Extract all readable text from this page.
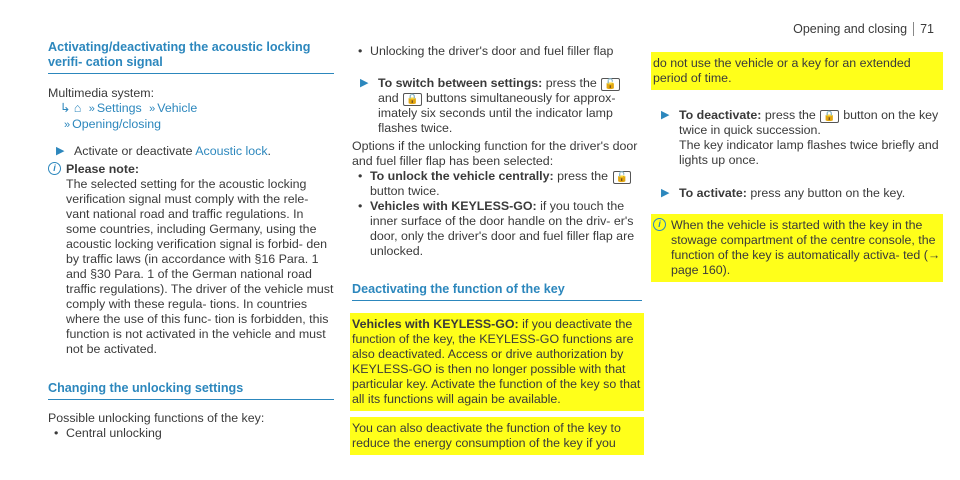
Opening and closing 71
Activating/deactivating the acoustic locking verifi- cation signal

Multimedia system:

↳ ⌂ » Settings » Vehicle
» Opening/closing
▶ Activate or deactivate Acoustic lock.
i Please note:
The selected setting for the acoustic locking verification signal must comply with the rele- vant national road and traffic regulations. In some countries, including Germany, using the acoustic locking verification signal is forbid- den by traffic laws (in accordance with §16 Para. 1 and §30 Para. 1 of the German national road traffic regulations). The driver of the vehicle must comply with these regula- tions. In countries where the use of this func- tion is forbidden, this function is not activated in the vehicle and must not be activated.
Changing the unlocking settings

Possible unlocking functions of the key:

• Central unlocking
• Unlocking the driver's door and fuel filler flap
▶ To switch between settings: press the 🔓 and 🔒 buttons simultaneously for approx- imately six seconds until the indicator lamp flashes twice.

Options if the unlocking function for the driver's door and fuel filler flap has been selected:

• To unlock the vehicle centrally: press the 🔓 button twice.
• Vehicles with KEYLESS-GO: if you touch the inner surface of the door handle on the driv- er's door, only the driver's door and fuel filler flap are unlocked.
Deactivating the function of the key
Vehicles with KEYLESS-GO: if you deactivate the function of the key, the KEYLESS-GO functions are also deactivated. Access or drive authorization by KEYLESS-GO is then no longer possible with that particular key. Activate the function of the key so that all its functions will again be available.
You can also deactivate the function of the key to reduce the energy consumption of the key if you
do not use the vehicle or a key for an extended period of time.
▶ To deactivate: press the 🔒 button on the key twice in quick succession.
The key indicator lamp flashes twice briefly and lights up once.
▶ To activate: press any button on the key.
i When the vehicle is started with the key in the stowage compartment of the centre console, the function of the key is automatically activa- ted (→ page 160).
